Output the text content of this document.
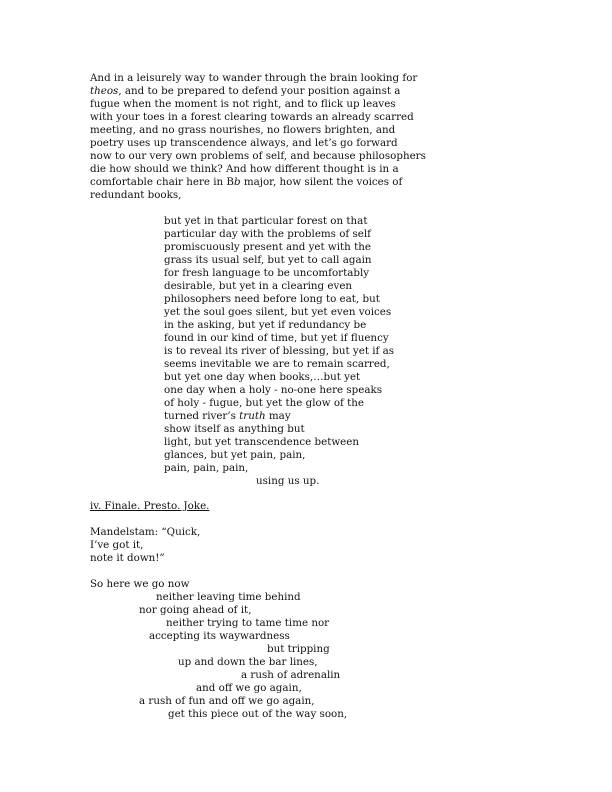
And in a leisurely way to wander through the brain looking for
theos, and to be prepared to defend your position against a
fugue when the moment is not right, and to flick up leaves
with your toes in a forest clearing towards an already scarred
meeting, and no grass nourishes, no flowers brighten, and
poetry uses up transcendence always, and let’s go forward
now to our very own problems of self, and because philosophers
die how should we think? And how different thought is in a
comfortable chair here in Bb major, how silent the voices of
redundant books,
but yet in that particular forest on that
particular day with the problems of self
promiscuously present and yet with the
grass its usual self, but yet to call again
for fresh language to be uncomfortably
desirable, but yet in a clearing even
philosophers need before long to eat, but
yet the soul goes silent, but yet even voices
in the asking, but yet if redundancy be
found in our kind of time, but yet if fluency
is to reveal its river of blessing, but yet if as
seems inevitable we are to remain scarred,
but yet one day when books,…but yet
one day when a holy - no-one here speaks
of holy - fugue, but yet the glow of the
turned river’s truth may
show itself as anything but
light, but yet transcendence between
glances, but yet pain, pain,
pain, pain, pain,
using us up.
iv. Finale. Presto. Joke.
Mandelstam: “Quick,
I’ve got it,
note it down!”
So here we go now
neither leaving time behind
nor going ahead of it,
neither trying to tame time nor
accepting its waywardness
but tripping
up and down the bar lines,
a rush of adrenalin
and off we go again,
a rush of fun and off we go again,
get this piece out of the way soon,
